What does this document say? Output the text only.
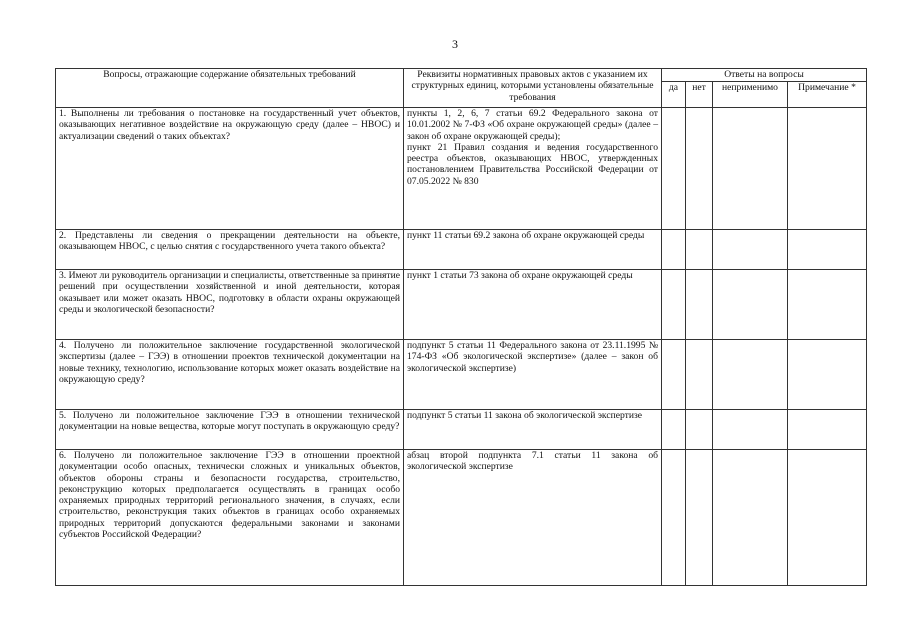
3
Вопросы, отражающие содержание обязательных требований	Реквизиты нормативных правовых актов с указанием их структурных единиц, которыми установлены обязательные требования	Ответы на вопросы			
		да	нет	неприменимо	Примечание *
1. Выполнены ли требования о постановке на государственный учет объектов, оказывающих негативное воздействие на окружающую среду (далее – НВОС) и актуализации сведений о таких объектах?	пункты 1, 2, 6, 7 статьи 69.2 Федерального закона от 10.01.2002 № 7-ФЗ «Об охране окружающей среды» (далее – закон об охране окружающей среды);
пункт 21 Правил создания и ведения государственного реестра объектов, оказывающих НВОС, утвержденных постановлением Правительства Российской Федерации от 07.05.2022 № 830				

2. Представлены ли сведения о прекращении деятельности на объекте, оказывающем НВОС, с целью снятия с государственного учета такого объекта?	пункт 11 статьи 69.2 закона об охране окружающей среды				

3. Имеют ли руководитель организации и специалисты, ответственные за принятие решений при осуществлении хозяйственной и иной деятельности, которая оказывает или может оказать НВОС, подготовку в области охраны окружающей среды и экологической безопасности?	пункт 1 статьи 73 закона об охране окружающей среды				

4. Получено ли положительное заключение государственной экологической экспертизы (далее – ГЭЭ) в отношении проектов технической документации на новые технику, технологию, использование которых может оказать воздействие на окружающую среду?	подпункт 5 статьи 11 Федерального закона от 23.11.1995 № 174-ФЗ «Об экологической экспертизе» (далее – закон об экологической экспертизе)				

5. Получено ли положительное заключение ГЭЭ в отношении технической документации на новые вещества, которые могут поступать в окружающую среду?	подпункт 5 статьи 11 закона об экологической экспертизе				

6. Получено ли положительное заключение ГЭЭ в отношении проектной документации особо опасных, технически сложных и уникальных объектов, объектов обороны страны и безопасности государства, строительство, реконструкцию которых предполагается осуществлять в границах особо охраняемых природных территорий регионального значения, в случаях, если строительство, реконструкция таких объектов в границах особо охраняемых природных территорий допускаются федеральными законами и законами субъектов Российской Федерации?	абзац второй подпункта 7.1 статьи 11 закона об экологической экспертизе				
